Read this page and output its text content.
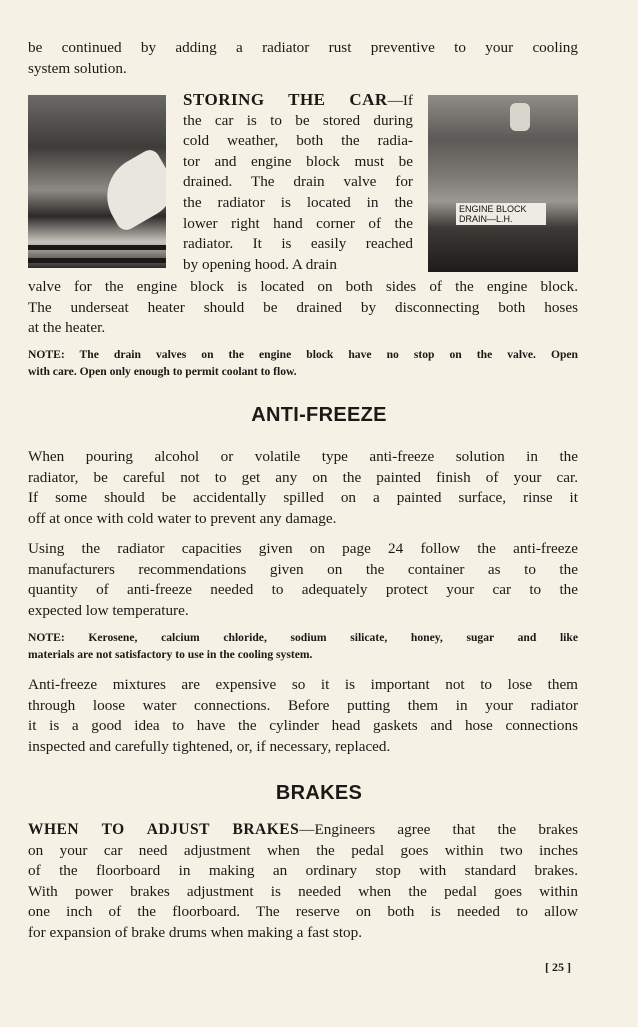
be continued by adding a radiator rust preventive to your cooling
system solution.
ENGINE BLOCK
DRAIN—L.H.
STORING THE CAR—If
the car is to be stored during
cold weather, both the radia-
tor and engine block must be
drained. The drain valve for
the radiator is located in the
lower right hand corner of the
radiator. It is easily reached
by opening hood. A drain
valve for the engine block is located on both sides of the engine block.
The underseat heater should be drained by disconnecting both hoses
at the heater.
NOTE: The drain valves on the engine block have no stop on the valve. Open
with care. Open only enough to permit coolant to flow.
ANTI-FREEZE
When pouring alcohol or volatile type anti-freeze solution in the
radiator, be careful not to get any on the painted finish of your car.
If some should be accidentally spilled on a painted surface, rinse it
off at once with cold water to prevent any damage.
Using the radiator capacities given on page 24 follow the anti-freeze
manufacturers recommendations given on the container as to the
quantity of anti-freeze needed to adequately protect your car to the
expected low temperature.
NOTE: Kerosene, calcium chloride, sodium silicate, honey, sugar and like
materials are not satisfactory to use in the cooling system.
Anti-freeze mixtures are expensive so it is important not to lose them
through loose water connections. Before putting them in your radiator
it is a good idea to have the cylinder head gaskets and hose connections
inspected and carefully tightened, or, if necessary, replaced.
BRAKES
WHEN TO ADJUST BRAKES—Engineers agree that the brakes
on your car need adjustment when the pedal goes within two inches
of the floorboard in making an ordinary stop with standard brakes.
With power brakes adjustment is needed when the pedal goes within
one inch of the floorboard. The reserve on both is needed to allow
for expansion of brake drums when making a fast stop.
[ 25 ]
